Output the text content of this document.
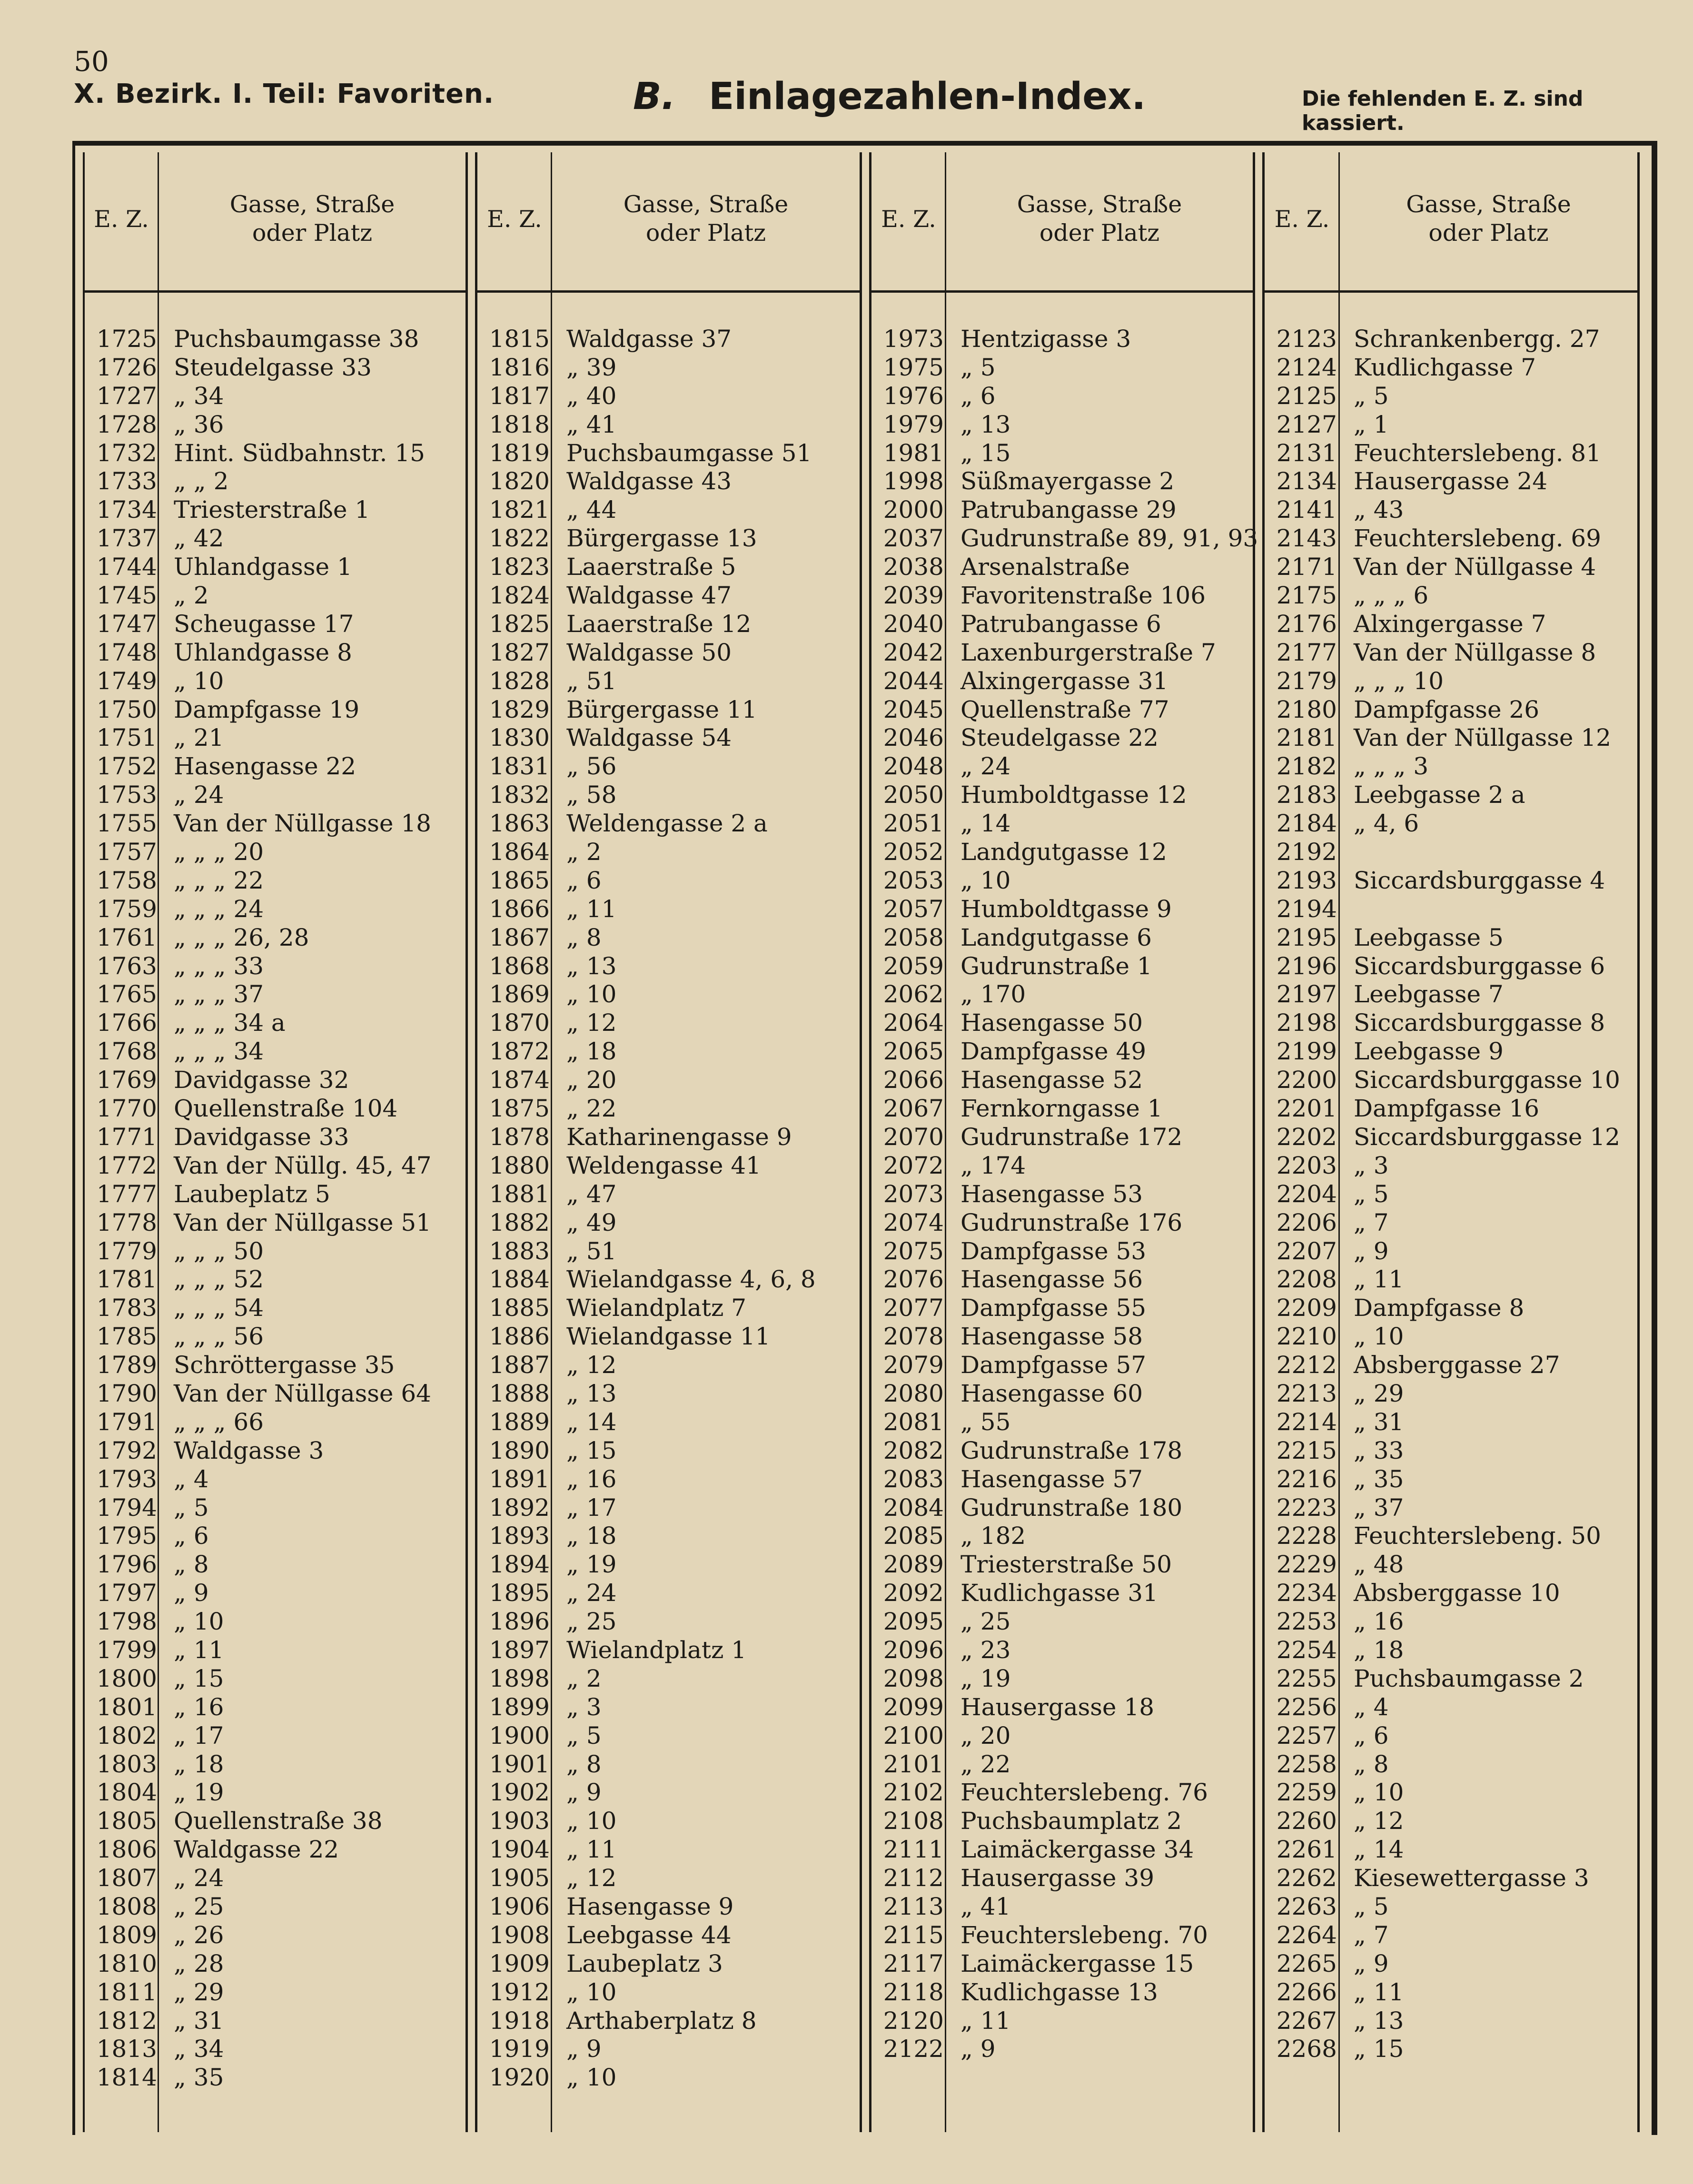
50
X. Bezirk. I. Teil: Favoriten.	B. Einlagezahlen-Index.	Die fehlenden E. Z. sind kassiert.
E. Z.
Gasse, Straße
oder Platz
E. Z.
Gasse, Straße
oder Platz
E. Z.
Gasse, Straße
oder Platz
E. Z.
Gasse, Straße
oder Platz
1725 Puchsbaumgasse 38
1726 Steudelgasse 33
1727 „ 34
1728 „ 36
1732 Hint. Südbahnstr. 15
1733 „ „ 2
1734 Triesterstraße 1
1737 „ 42
1744 Uhlandgasse 1
1745 „ 2
1747 Scheugasse 17
1748 Uhlandgasse 8
1749 „ 10
1750 Dampfgasse 19
1751 „ 21
1752 Hasengasse 22
1753 „ 24
1755 Van der Nüllgasse 18
1757 „ „ „ 20
1758 „ „ „ 22
1759 „ „ „ 24
1761 „ „ „ 26, 28
1763 „ „ „ 33
1765 „ „ „ 37
1766 „ „ „ 34 a
1768 „ „ „ 34
1769 Davidgasse 32
1770 Quellenstraße 104
1771 Davidgasse 33
1772 Van der Nüllg. 45, 47
1777 Laubeplatz 5
1778 Van der Nüllgasse 51
1779 „ „ „ 50
1781 „ „ „ 52
1783 „ „ „ 54
1785 „ „ „ 56
1789 Schröttergasse 35
1790 Van der Nüllgasse 64
1791 „ „ „ 66
1792 Waldgasse 3
1793 „ 4
1794 „ 5
1795 „ 6
1796 „ 8
1797 „ 9
1798 „ 10
1799 „ 11
1800 „ 15
1801 „ 16
1802 „ 17
1803 „ 18
1804 „ 19
1805 Quellenstraße 38
1806 Waldgasse 22
1807 „ 24
1808 „ 25
1809 „ 26
1810 „ 28
1811 „ 29
1812 „ 31
1813 „ 34
1814 „ 35
1815 Waldgasse 37
1816 „ 39
1817 „ 40
1818 „ 41
1819 Puchsbaumgasse 51
1820 Waldgasse 43
1821 „ 44
1822 Bürgergasse 13
1823 Laaerstraße 5
1824 Waldgasse 47
1825 Laaerstraße 12
1827 Waldgasse 50
1828 „ 51
1829 Bürgergasse 11
1830 Waldgasse 54
1831 „ 56
1832 „ 58
1863 Weldengasse 2 a
1864 „ 2
1865 „ 6
1866 „ 11
1867 „ 8
1868 „ 13
1869 „ 10
1870 „ 12
1872 „ 18
1874 „ 20
1875 „ 22
1878 Katharinengasse 9
1880 Weldengasse 41
1881 „ 47
1882 „ 49
1883 „ 51
1884 Wielandgasse 4, 6, 8
1885 Wielandplatz 7
1886 Wielandgasse 11
1887 „ 12
1888 „ 13
1889 „ 14
1890 „ 15
1891 „ 16
1892 „ 17
1893 „ 18
1894 „ 19
1895 „ 24
1896 „ 25
1897 Wielandplatz 1
1898 „ 2
1899 „ 3
1900 „ 5
1901 „ 8
1902 „ 9
1903 „ 10
1904 „ 11
1905 „ 12
1906 Hasengasse 9
1908 Leebgasse 44
1909 Laubeplatz 3
1912 „ 10
1918 Arthaberplatz 8
1919 „ 9
1920 „ 10
1973 Hentzigasse 3
1975 „ 5
1976 „ 6
1979 „ 13
1981 „ 15
1998 Süßmayergasse 2
2000 Patrubangasse 29
2037 Gudrunstraße 89, 91, 93
2038 Arsenalstraße
2039 Favoritenstraße 106
2040 Patrubangasse 6
2042 Laxenburgerstraße 7
2044 Alxingergasse 31
2045 Quellenstraße 77
2046 Steudelgasse 22
2048 „ 24
2050 Humboldtgasse 12
2051 „ 14
2052 Landgutgasse 12
2053 „ 10
2057 Humboldtgasse 9
2058 Landgutgasse 6
2059 Gudrunstraße 1
2062 „ 170
2064 Hasengasse 50
2065 Dampfgasse 49
2066 Hasengasse 52
2067 Fernkorngasse 1
2070 Gudrunstraße 172
2072 „ 174
2073 Hasengasse 53
2074 Gudrunstraße 176
2075 Dampfgasse 53
2076 Hasengasse 56
2077 Dampfgasse 55
2078 Hasengasse 58
2079 Dampfgasse 57
2080 Hasengasse 60
2081 „ 55
2082 Gudrunstraße 178
2083 Hasengasse 57
2084 Gudrunstraße 180
2085 „ 182
2089 Triesterstraße 50
2092 Kudlichgasse 31
2095 „ 25
2096 „ 23
2098 „ 19
2099 Hausergasse 18
2100 „ 20
2101 „ 22
2102 Feuchterslebeng. 76
2108 Puchsbaumplatz 2
2111 Laimäckergasse 34
2112 Hausergasse 39
2113 „ 41
2115 Feuchterslebeng. 70
2117 Laimäckergasse 15
2118 Kudlichgasse 13
2120 „ 11
2122 „ 9
2123 Schrankenbergg. 27
2124 Kudlichgasse 7
2125 „ 5
2127 „ 1
2131 Feuchterslebeng. 81
2134 Hausergasse 24
2141 „ 43
2143 Feuchterslebeng. 69
2171 Van der Nüllgasse 4
2175 „ „ „ 6
2176 Alxingergasse 7
2177 Van der Nüllgasse 8
2179 „ „ „ 10
2180 Dampfgasse 26
2181 Van der Nüllgasse 12
2182 „ „ „ 3
2183 Leebgasse 2 a
2184 „ 4, 6
2192
2193 Siccardsburggasse 4
2194
2195 Leebgasse 5
2196 Siccardsburggasse 6
2197 Leebgasse 7
2198 Siccardsburggasse 8
2199 Leebgasse 9
2200 Siccardsburggasse 10
2201 Dampfgasse 16
2202 Siccardsburggasse 12
2203 „ 3
2204 „ 5
2206 „ 7
2207 „ 9
2208 „ 11
2209 Dampfgasse 8
2210 „ 10
2212 Absberggasse 27
2213 „ 29
2214 „ 31
2215 „ 33
2216 „ 35
2223 „ 37
2228 Feuchterslebeng. 50
2229 „ 48
2234 Absberggasse 10
2253 „ 16
2254 „ 18
2255 Puchsbaumgasse 2
2256 „ 4
2257 „ 6
2258 „ 8
2259 „ 10
2260 „ 12
2261 „ 14
2262 Kiesewettergasse 3
2263 „ 5
2264 „ 7
2265 „ 9
2266 „ 11
2267 „ 13
2268 „ 15
